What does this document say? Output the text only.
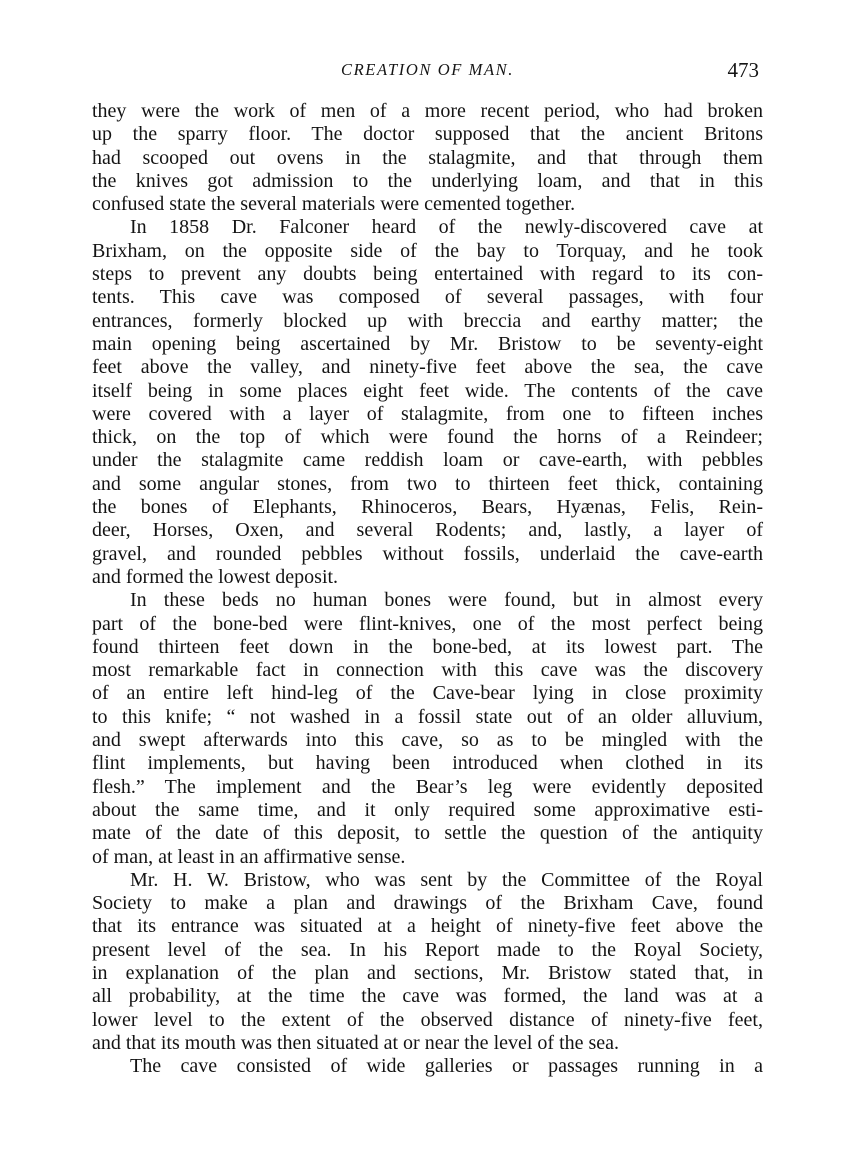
CREATION OF MAN.	473
they were the work of men of a more recent period, who had broken
up the sparry floor. The doctor supposed that the ancient Britons
had scooped out ovens in the stalagmite, and that through them
the knives got admission to the underlying loam, and that in this
confused state the several materials were cemented together.
In 1858 Dr. Falconer heard of the newly-discovered cave at
Brixham, on the opposite side of the bay to Torquay, and he took
steps to prevent any doubts being entertained with regard to its con-
tents. This cave was composed of several passages, with four
entrances, formerly blocked up with breccia and earthy matter; the
main opening being ascertained by Mr. Bristow to be seventy-eight
feet above the valley, and ninety-five feet above the sea, the cave
itself being in some places eight feet wide. The contents of the cave
were covered with a layer of stalagmite, from one to fifteen inches
thick, on the top of which were found the horns of a Reindeer;
under the stalagmite came reddish loam or cave-earth, with pebbles
and some angular stones, from two to thirteen feet thick, containing
the bones of Elephants, Rhinoceros, Bears, Hyænas, Felis, Rein-
deer, Horses, Oxen, and several Rodents; and, lastly, a layer of
gravel, and rounded pebbles without fossils, underlaid the cave-earth
and formed the lowest deposit.
In these beds no human bones were found, but in almost every
part of the bone-bed were flint-knives, one of the most perfect being
found thirteen feet down in the bone-bed, at its lowest part. The
most remarkable fact in connection with this cave was the discovery
of an entire left hind-leg of the Cave-bear lying in close proximity
to this knife; “ not washed in a fossil state out of an older alluvium,
and swept afterwards into this cave, so as to be mingled with the
flint implements, but having been introduced when clothed in its
flesh.” The implement and the Bear’s leg were evidently deposited
about the same time, and it only required some approximative esti-
mate of the date of this deposit, to settle the question of the antiquity
of man, at least in an affirmative sense.
Mr. H. W. Bristow, who was sent by the Committee of the Royal
Society to make a plan and drawings of the Brixham Cave, found
that its entrance was situated at a height of ninety-five feet above the
present level of the sea. In his Report made to the Royal Society,
in explanation of the plan and sections, Mr. Bristow stated that, in
all probability, at the time the cave was formed, the land was at a
lower level to the extent of the observed distance of ninety-five feet,
and that its mouth was then situated at or near the level of the sea.
The cave consisted of wide galleries or passages running in a
